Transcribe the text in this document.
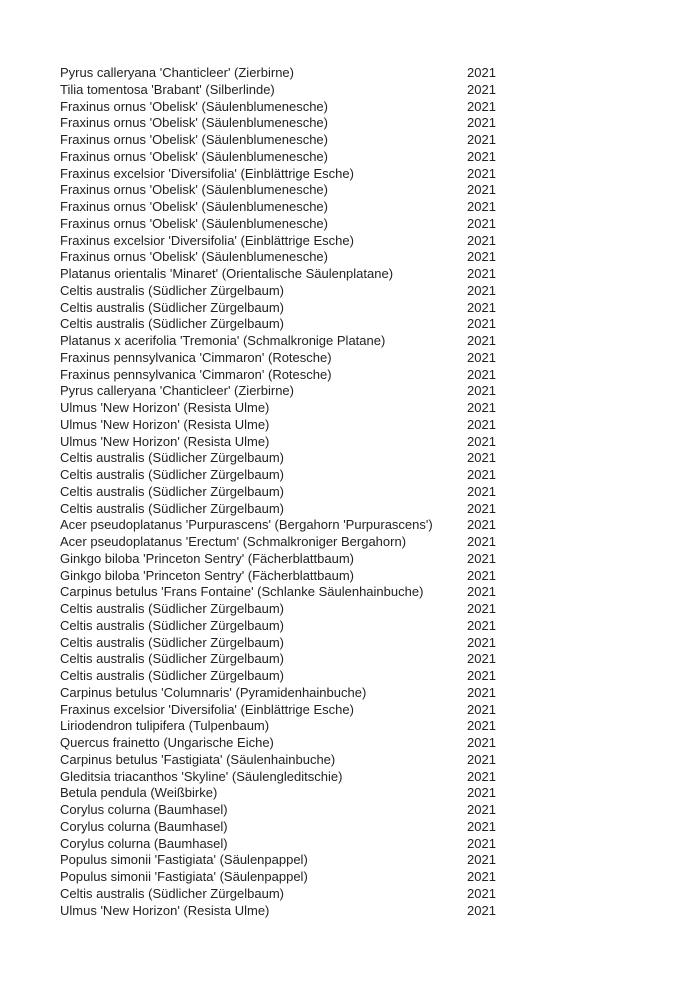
Pyrus calleryana 'Chanticleer' (Zierbirne)	2021
Tilia tomentosa 'Brabant' (Silberlinde)	2021
Fraxinus ornus 'Obelisk' (Säulenblumenesche)	2021
Fraxinus ornus 'Obelisk' (Säulenblumenesche)	2021
Fraxinus ornus 'Obelisk' (Säulenblumenesche)	2021
Fraxinus ornus 'Obelisk' (Säulenblumenesche)	2021
Fraxinus excelsior 'Diversifolia' (Einblättrige Esche)	2021
Fraxinus ornus 'Obelisk' (Säulenblumenesche)	2021
Fraxinus ornus 'Obelisk' (Säulenblumenesche)	2021
Fraxinus ornus 'Obelisk' (Säulenblumenesche)	2021
Fraxinus excelsior 'Diversifolia' (Einblättrige Esche)	2021
Fraxinus ornus 'Obelisk' (Säulenblumenesche)	2021
Platanus orientalis 'Minaret' (Orientalische Säulenplatane)	2021
Celtis australis (Südlicher Zürgelbaum)	2021
Celtis australis (Südlicher Zürgelbaum)	2021
Celtis australis (Südlicher Zürgelbaum)	2021
Platanus x acerifolia 'Tremonia' (Schmalkronige Platane)	2021
Fraxinus pennsylvanica 'Cimmaron' (Rotesche)	2021
Fraxinus pennsylvanica 'Cimmaron' (Rotesche)	2021
Pyrus calleryana 'Chanticleer' (Zierbirne)	2021
Ulmus 'New Horizon' (Resista Ulme)	2021
Ulmus 'New Horizon' (Resista Ulme)	2021
Ulmus 'New Horizon' (Resista Ulme)	2021
Celtis australis (Südlicher Zürgelbaum)	2021
Celtis australis (Südlicher Zürgelbaum)	2021
Celtis australis (Südlicher Zürgelbaum)	2021
Celtis australis (Südlicher Zürgelbaum)	2021
Acer pseudoplatanus 'Purpurascens' (Bergahorn 'Purpurascens')	2021
Acer pseudoplatanus 'Erectum' (Schmalkroniger Bergahorn)	2021
Ginkgo biloba 'Princeton Sentry' (Fächerblattbaum)	2021
Ginkgo biloba 'Princeton Sentry' (Fächerblattbaum)	2021
Carpinus betulus 'Frans Fontaine' (Schlanke Säulenhainbuche)	2021
Celtis australis (Südlicher Zürgelbaum)	2021
Celtis australis (Südlicher Zürgelbaum)	2021
Celtis australis (Südlicher Zürgelbaum)	2021
Celtis australis (Südlicher Zürgelbaum)	2021
Celtis australis (Südlicher Zürgelbaum)	2021
Carpinus betulus 'Columnaris' (Pyramidenhainbuche)	2021
Fraxinus excelsior 'Diversifolia' (Einblättrige Esche)	2021
Liriodendron tulipifera (Tulpenbaum)	2021
Quercus frainetto (Ungarische Eiche)	2021
Carpinus betulus 'Fastigiata' (Säulenhainbuche)	2021
Gleditsia triacanthos 'Skyline' (Säulengleditschie)	2021
Betula pendula (Weißbirke)	2021
Corylus colurna (Baumhasel)	2021
Corylus colurna (Baumhasel)	2021
Corylus colurna (Baumhasel)	2021
Populus simonii 'Fastigiata' (Säulenpappel)	2021
Populus simonii 'Fastigiata' (Säulenpappel)	2021
Celtis australis (Südlicher Zürgelbaum)	2021
Ulmus 'New Horizon' (Resista Ulme)	2021
